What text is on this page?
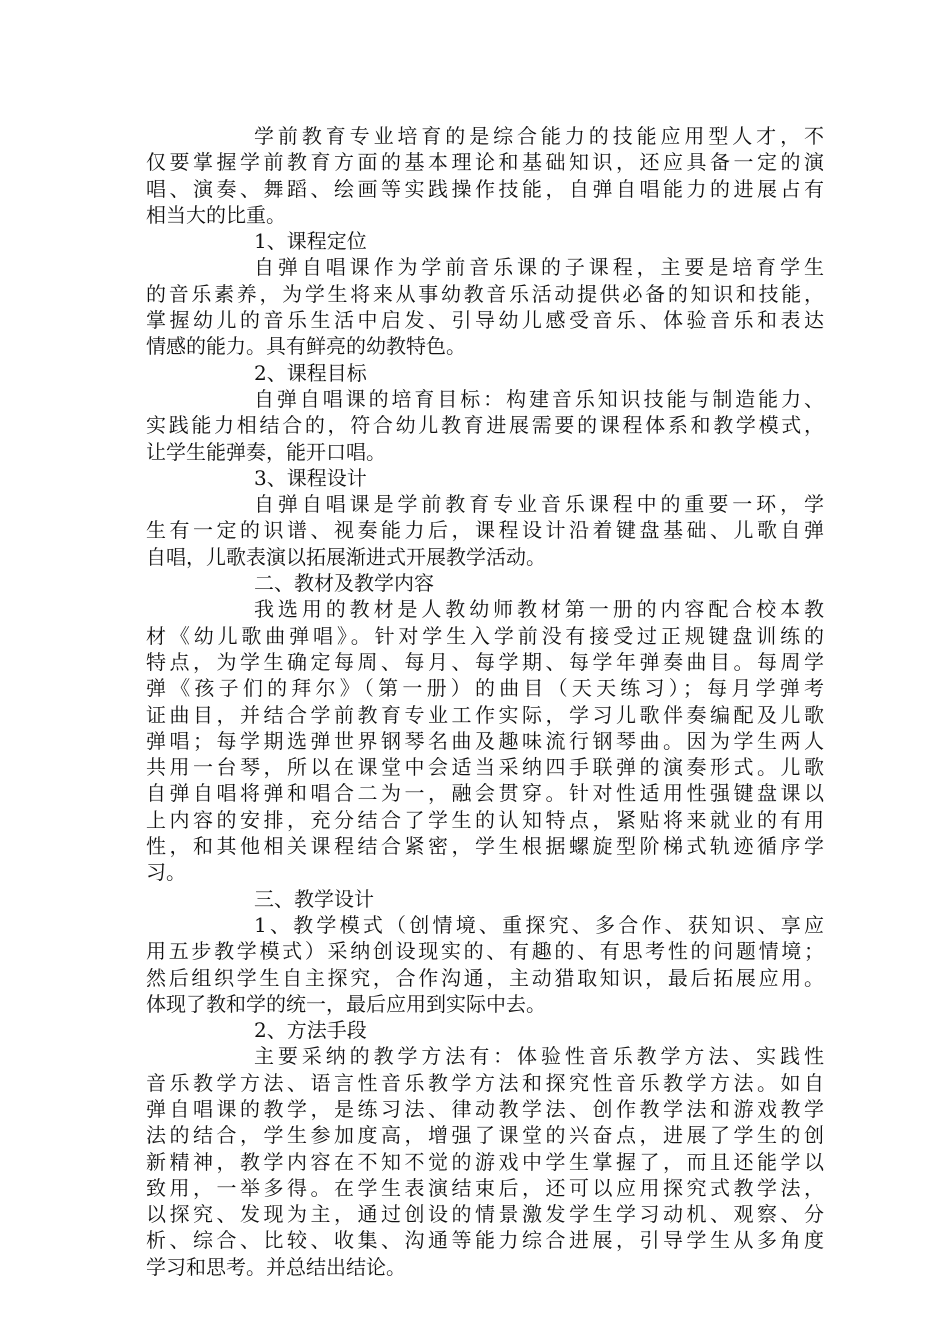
学前教育专业培育的是综合能力的技能应用型人才，不
仅要掌握学前教育方面的基本理论和基础知识，还应具备一定的演
唱、演奏、舞蹈、绘画等实践操作技能，自弹自唱能力的进展占有
相当大的比重。
1、课程定位
自弹自唱课作为学前音乐课的子课程，主要是培育学生
的音乐素养，为学生将来从事幼教音乐活动提供必备的知识和技能，
掌握幼儿的音乐生活中启发、引导幼儿感受音乐、体验音乐和表达
情感的能力。具有鲜亮的幼教特色。
2、课程目标
自弹自唱课的培育目标：构建音乐知识技能与制造能力、
实践能力相结合的，符合幼儿教育进展需要的课程体系和教学模式，
让学生能弹奏，能开口唱。
3、课程设计
自弹自唱课是学前教育专业音乐课程中的重要一环，学
生有一定的识谱、视奏能力后，课程设计沿着键盘基础、儿歌自弹
自唱，儿歌表演以拓展渐进式开展教学活动。
二、教材及教学内容
我选用的教材是人教幼师教材第一册的内容配合校本教
材《幼儿歌曲弹唱》。针对学生入学前没有接受过正规键盘训练的
特点，为学生确定每周、每月、每学期、每学年弹奏曲目。每周学
弹《孩子们的拜尔》（第一册）的曲目（天天练习）；每月学弹考
证曲目，并结合学前教育专业工作实际，学习儿歌伴奏编配及儿歌
弹唱；每学期选弹世界钢琴名曲及趣味流行钢琴曲。因为学生两人
共用一台琴，所以在课堂中会适当采纳四手联弹的演奏形式。儿歌
自弹自唱将弹和唱合二为一，融会贯穿。针对性适用性强键盘课以
上内容的安排，充分结合了学生的认知特点，紧贴将来就业的有用
性，和其他相关课程结合紧密，学生根据螺旋型阶梯式轨迹循序学
习。
三、教学设计
1、教学模式（创情境、重探究、多合作、获知识、享应
用五步教学模式）采纳创设现实的、有趣的、有思考性的问题情境；
然后组织学生自主探究，合作沟通，主动猎取知识，最后拓展应用。
体现了教和学的统一，最后应用到实际中去。
2、方法手段
主要采纳的教学方法有：体验性音乐教学方法、实践性
音乐教学方法、语言性音乐教学方法和探究性音乐教学方法。如自
弹自唱课的教学，是练习法、律动教学法、创作教学法和游戏教学
法的结合，学生参加度高，增强了课堂的兴奋点，进展了学生的创
新精神，教学内容在不知不觉的游戏中学生掌握了，而且还能学以
致用，一举多得。在学生表演结束后，还可以应用探究式教学法，
以探究、发现为主，通过创设的情景激发学生学习动机、观察、分
析、综合、比较、收集、沟通等能力综合进展，引导学生从多角度
学习和思考。并总结出结论。
